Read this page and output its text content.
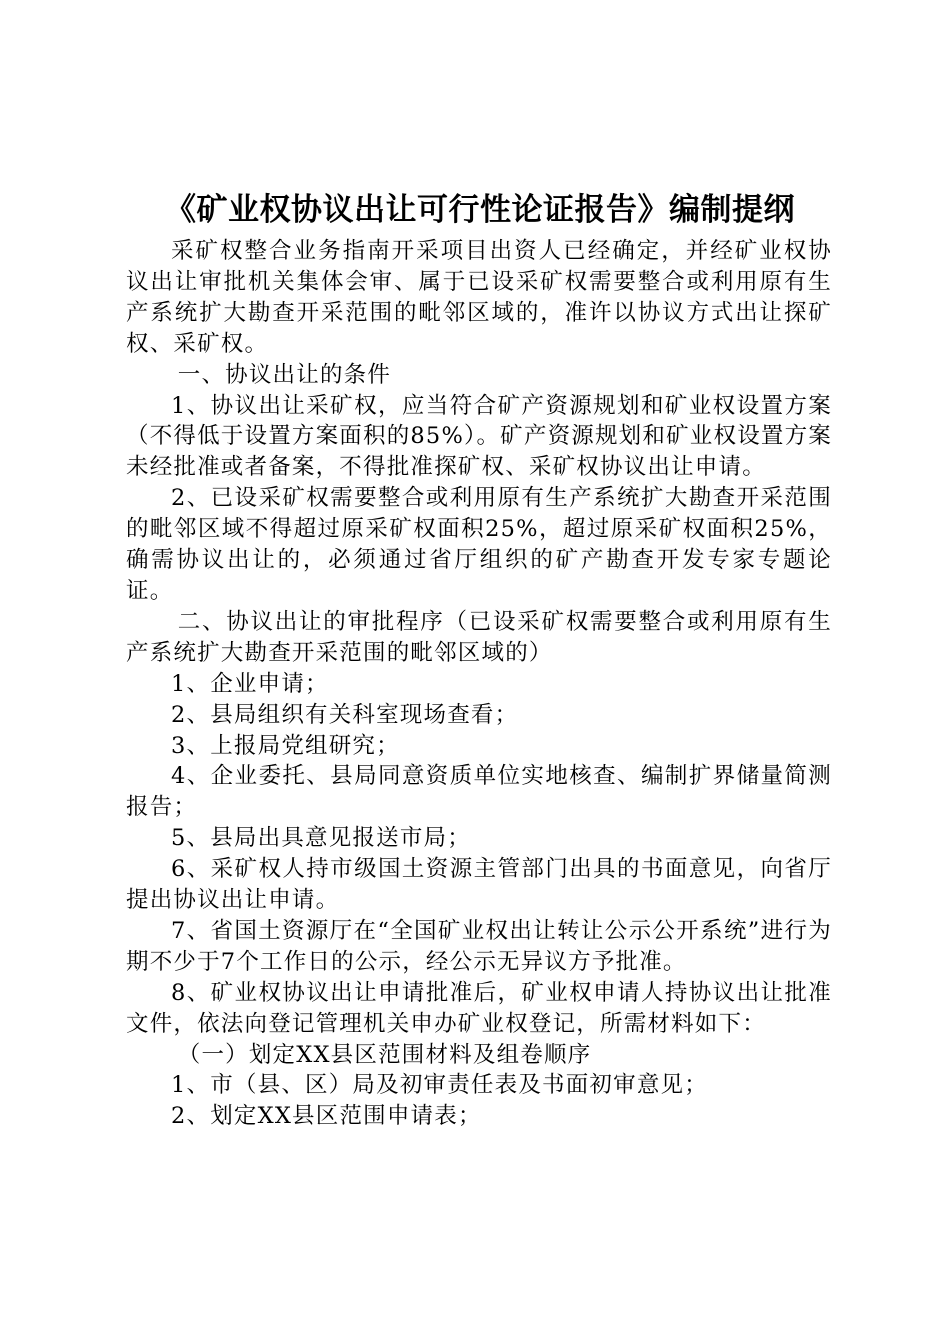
《矿业权协议出让可行性论证报告》编制提纲

采矿权整合业务指南开采项目出资人已经确定，并经矿业权协议出让审批机关集体会审、属于已设采矿权需要整合或利用原有生产系统扩大勘查开采范围的毗邻区域的，准许以协议方式出让探矿权、采矿权。

一、协议出让的条件

1、协议出让采矿权，应当符合矿产资源规划和矿业权设置方案（不得低于设置方案面积的85%）。矿产资源规划和矿业权设置方案未经批准或者备案，不得批准探矿权、采矿权协议出让申请。

2、已设采矿权需要整合或利用原有生产系统扩大勘查开采范围的毗邻区域不得超过原采矿权面积25%，超过原采矿权面积25%，确需协议出让的，必须通过省厅组织的矿产勘查开发专家专题论证。

二、协议出让的审批程序（已设采矿权需要整合或利用原有生产系统扩大勘查开采范围的毗邻区域的）

1、企业申请；

2、县局组织有关科室现场查看；

3、上报局党组研究；

4、企业委托、县局同意资质单位实地核查、编制扩界储量简测报告；

5、县局出具意见报送市局；

6、采矿权人持市级国土资源主管部门出具的书面意见，向省厅提出协议出让申请。

7、省国土资源厅在“全国矿业权出让转让公示公开系统”进行为期不少于7个工作日的公示，经公示无异议方予批准。

8、矿业权协议出让申请批准后，矿业权申请人持协议出让批准文件，依法向登记管理机关申办矿业权登记，所需材料如下：

（一）划定XX县区范围材料及组卷顺序

1、市（县、区）局及初审责任表及书面初审意见；

2、划定XX县区范围申请表；
